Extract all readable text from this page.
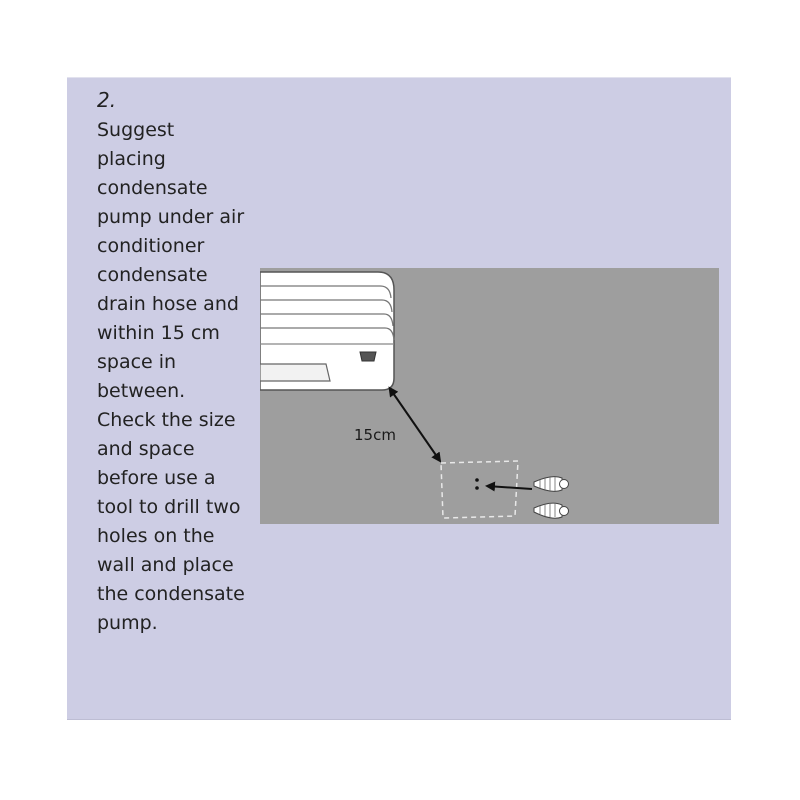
2.

Suggest placing condensate pump under air conditioner condensate drain hose and within 15 cm space in between. Check the size and space before use a tool to drill two holes on the wall and place the condensate pump.

15cm
